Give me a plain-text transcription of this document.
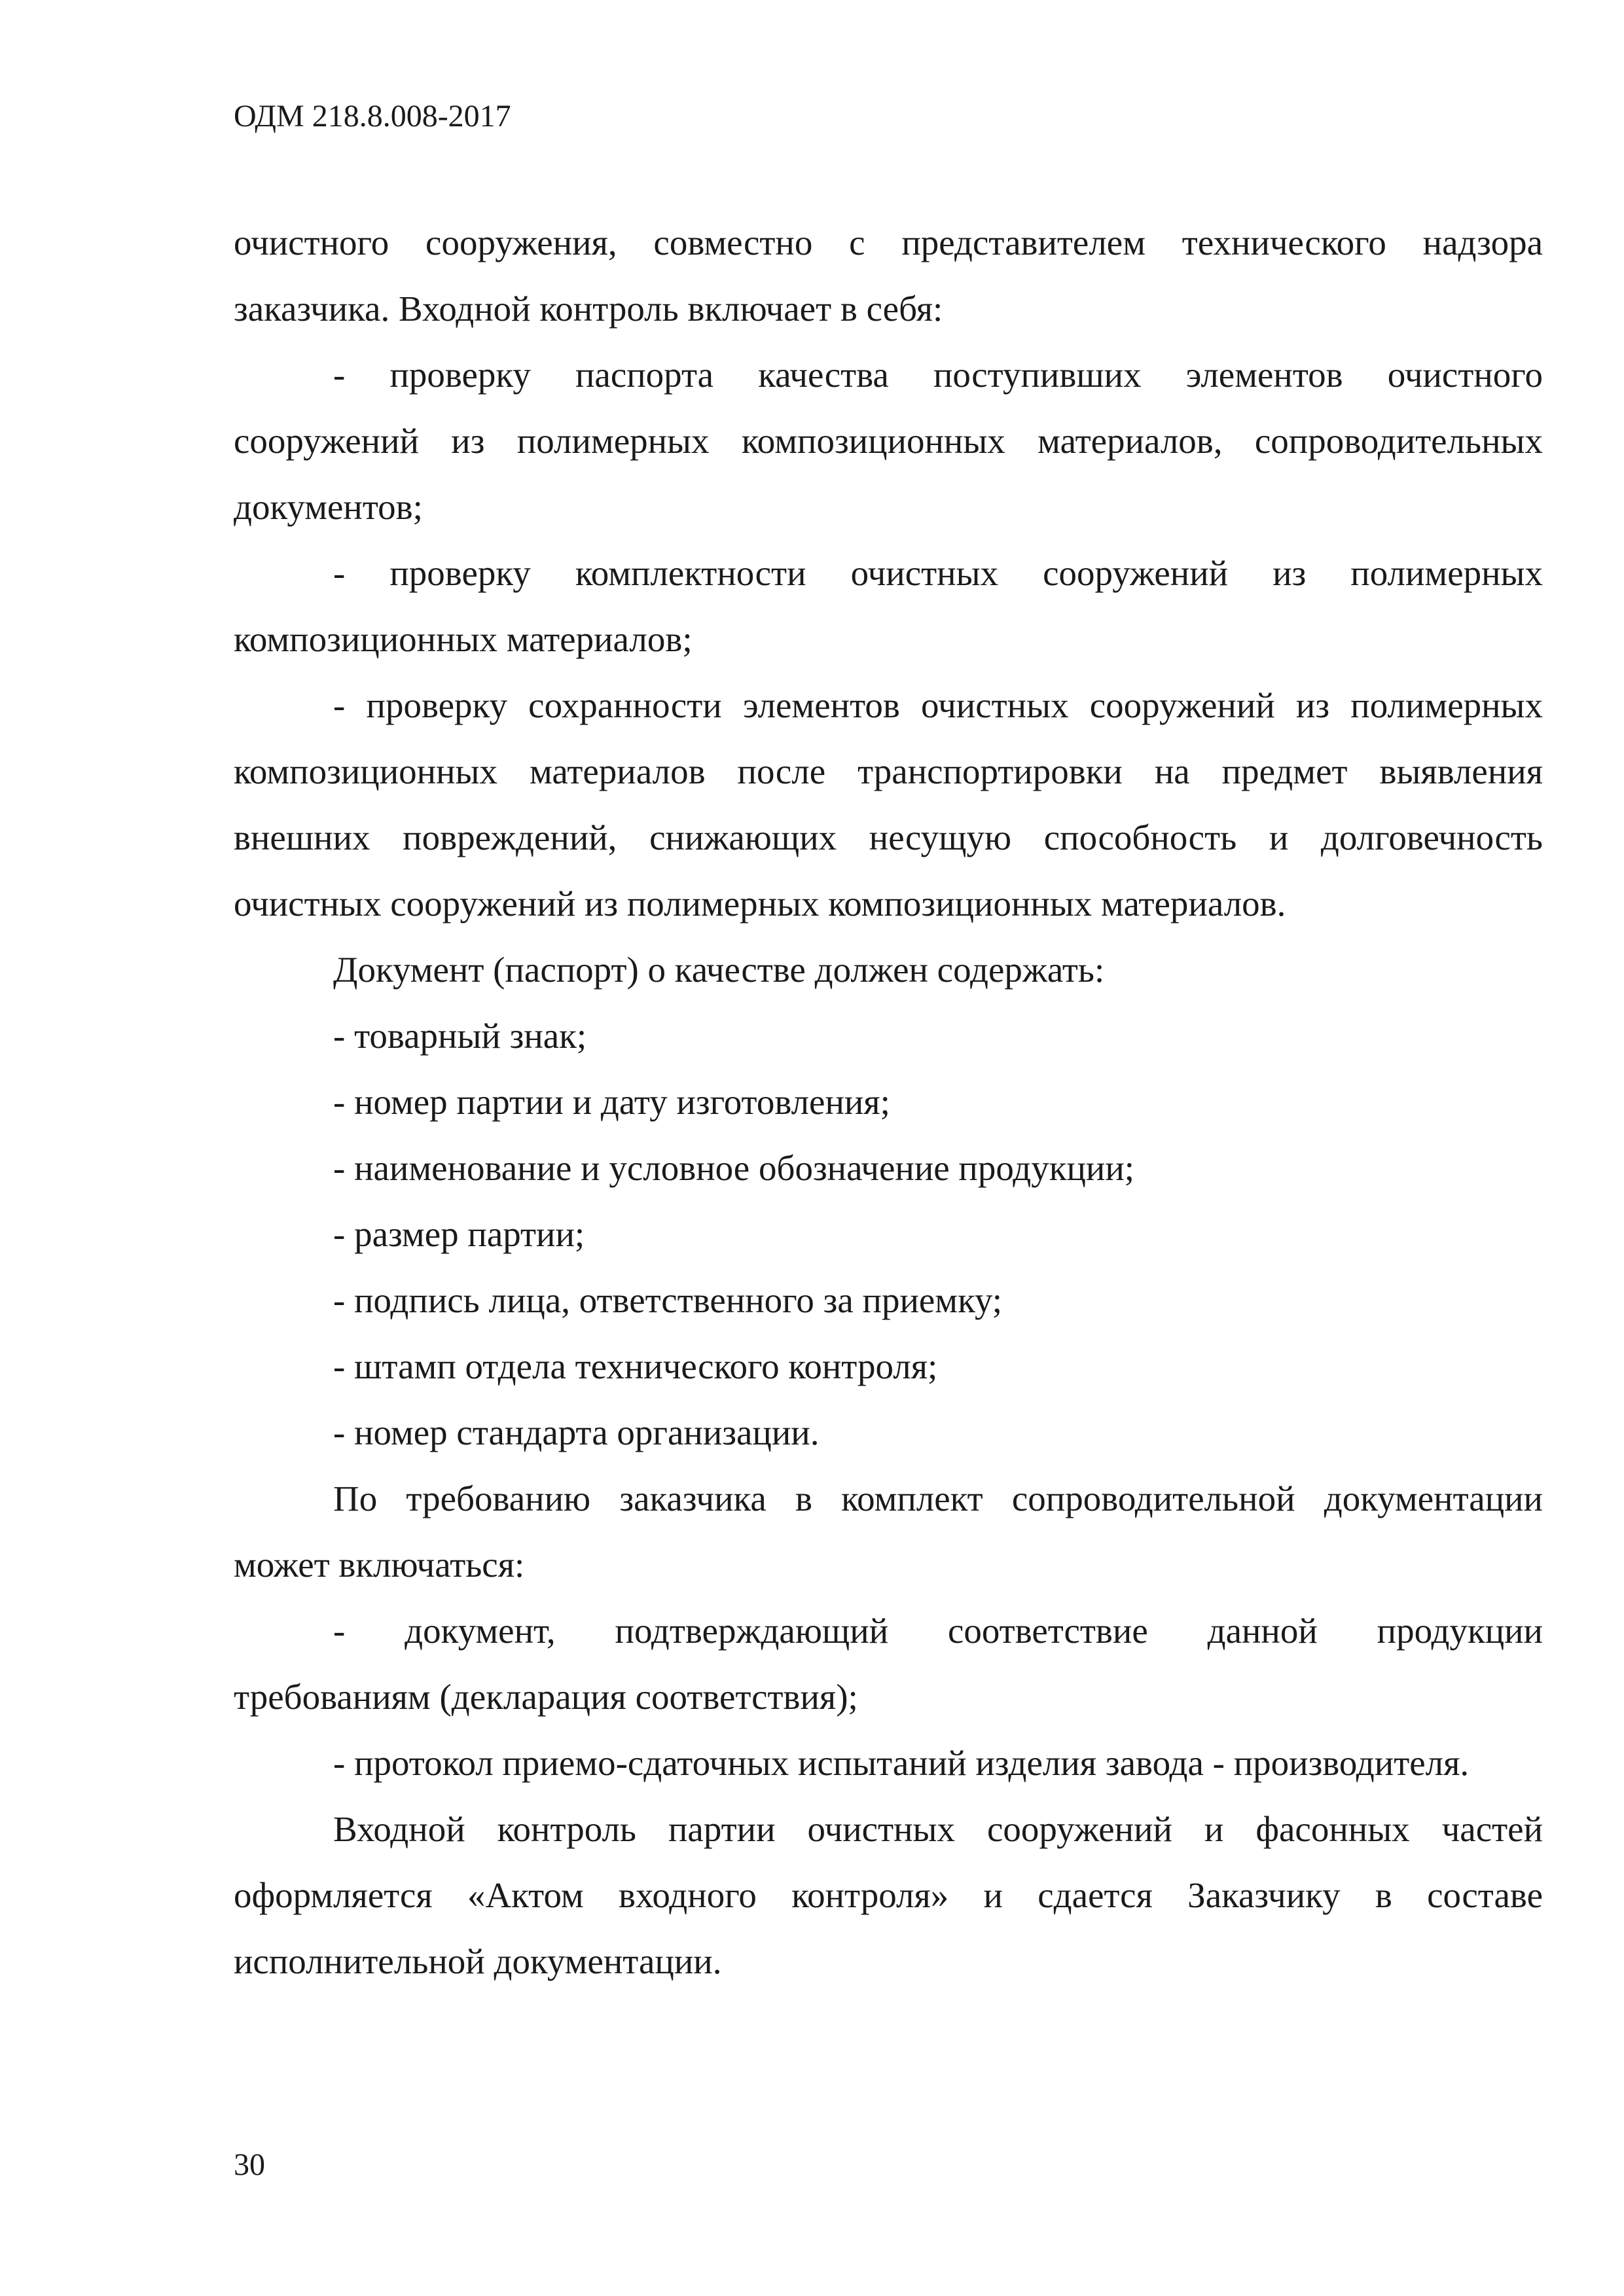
ОДМ 218.8.008-2017
очистного сооружения, совместно с представителем технического надзора
заказчика. Входной контроль включает в себя:
- проверку паспорта качества поступивших элементов очистного
сооружений из полимерных композиционных материалов, сопроводительных
документов;
- проверку комплектности очистных сооружений из полимерных
композиционных материалов;
- проверку сохранности элементов очистных сооружений из полимерных
композиционных материалов после транспортировки на предмет выявления
внешних повреждений, снижающих несущую способность и долговечность
очистных сооружений из полимерных композиционных материалов.
Документ (паспорт) о качестве должен содержать:
- товарный знак;
- номер партии и дату изготовления;
- наименование и условное обозначение продукции;
- размер партии;
- подпись лица, ответственного за приемку;
- штамп отдела технического контроля;
- номер стандарта организации.
По требованию заказчика в комплект сопроводительной документации
может включаться:
- документ, подтверждающий соответствие данной продукции
требованиям (декларация соответствия);
- протокол приемо-сдаточных испытаний изделия завода - производителя.
Входной контроль партии очистных сооружений и фасонных частей
оформляется «Актом входного контроля» и сдается Заказчику в составе
исполнительной документации.
30
